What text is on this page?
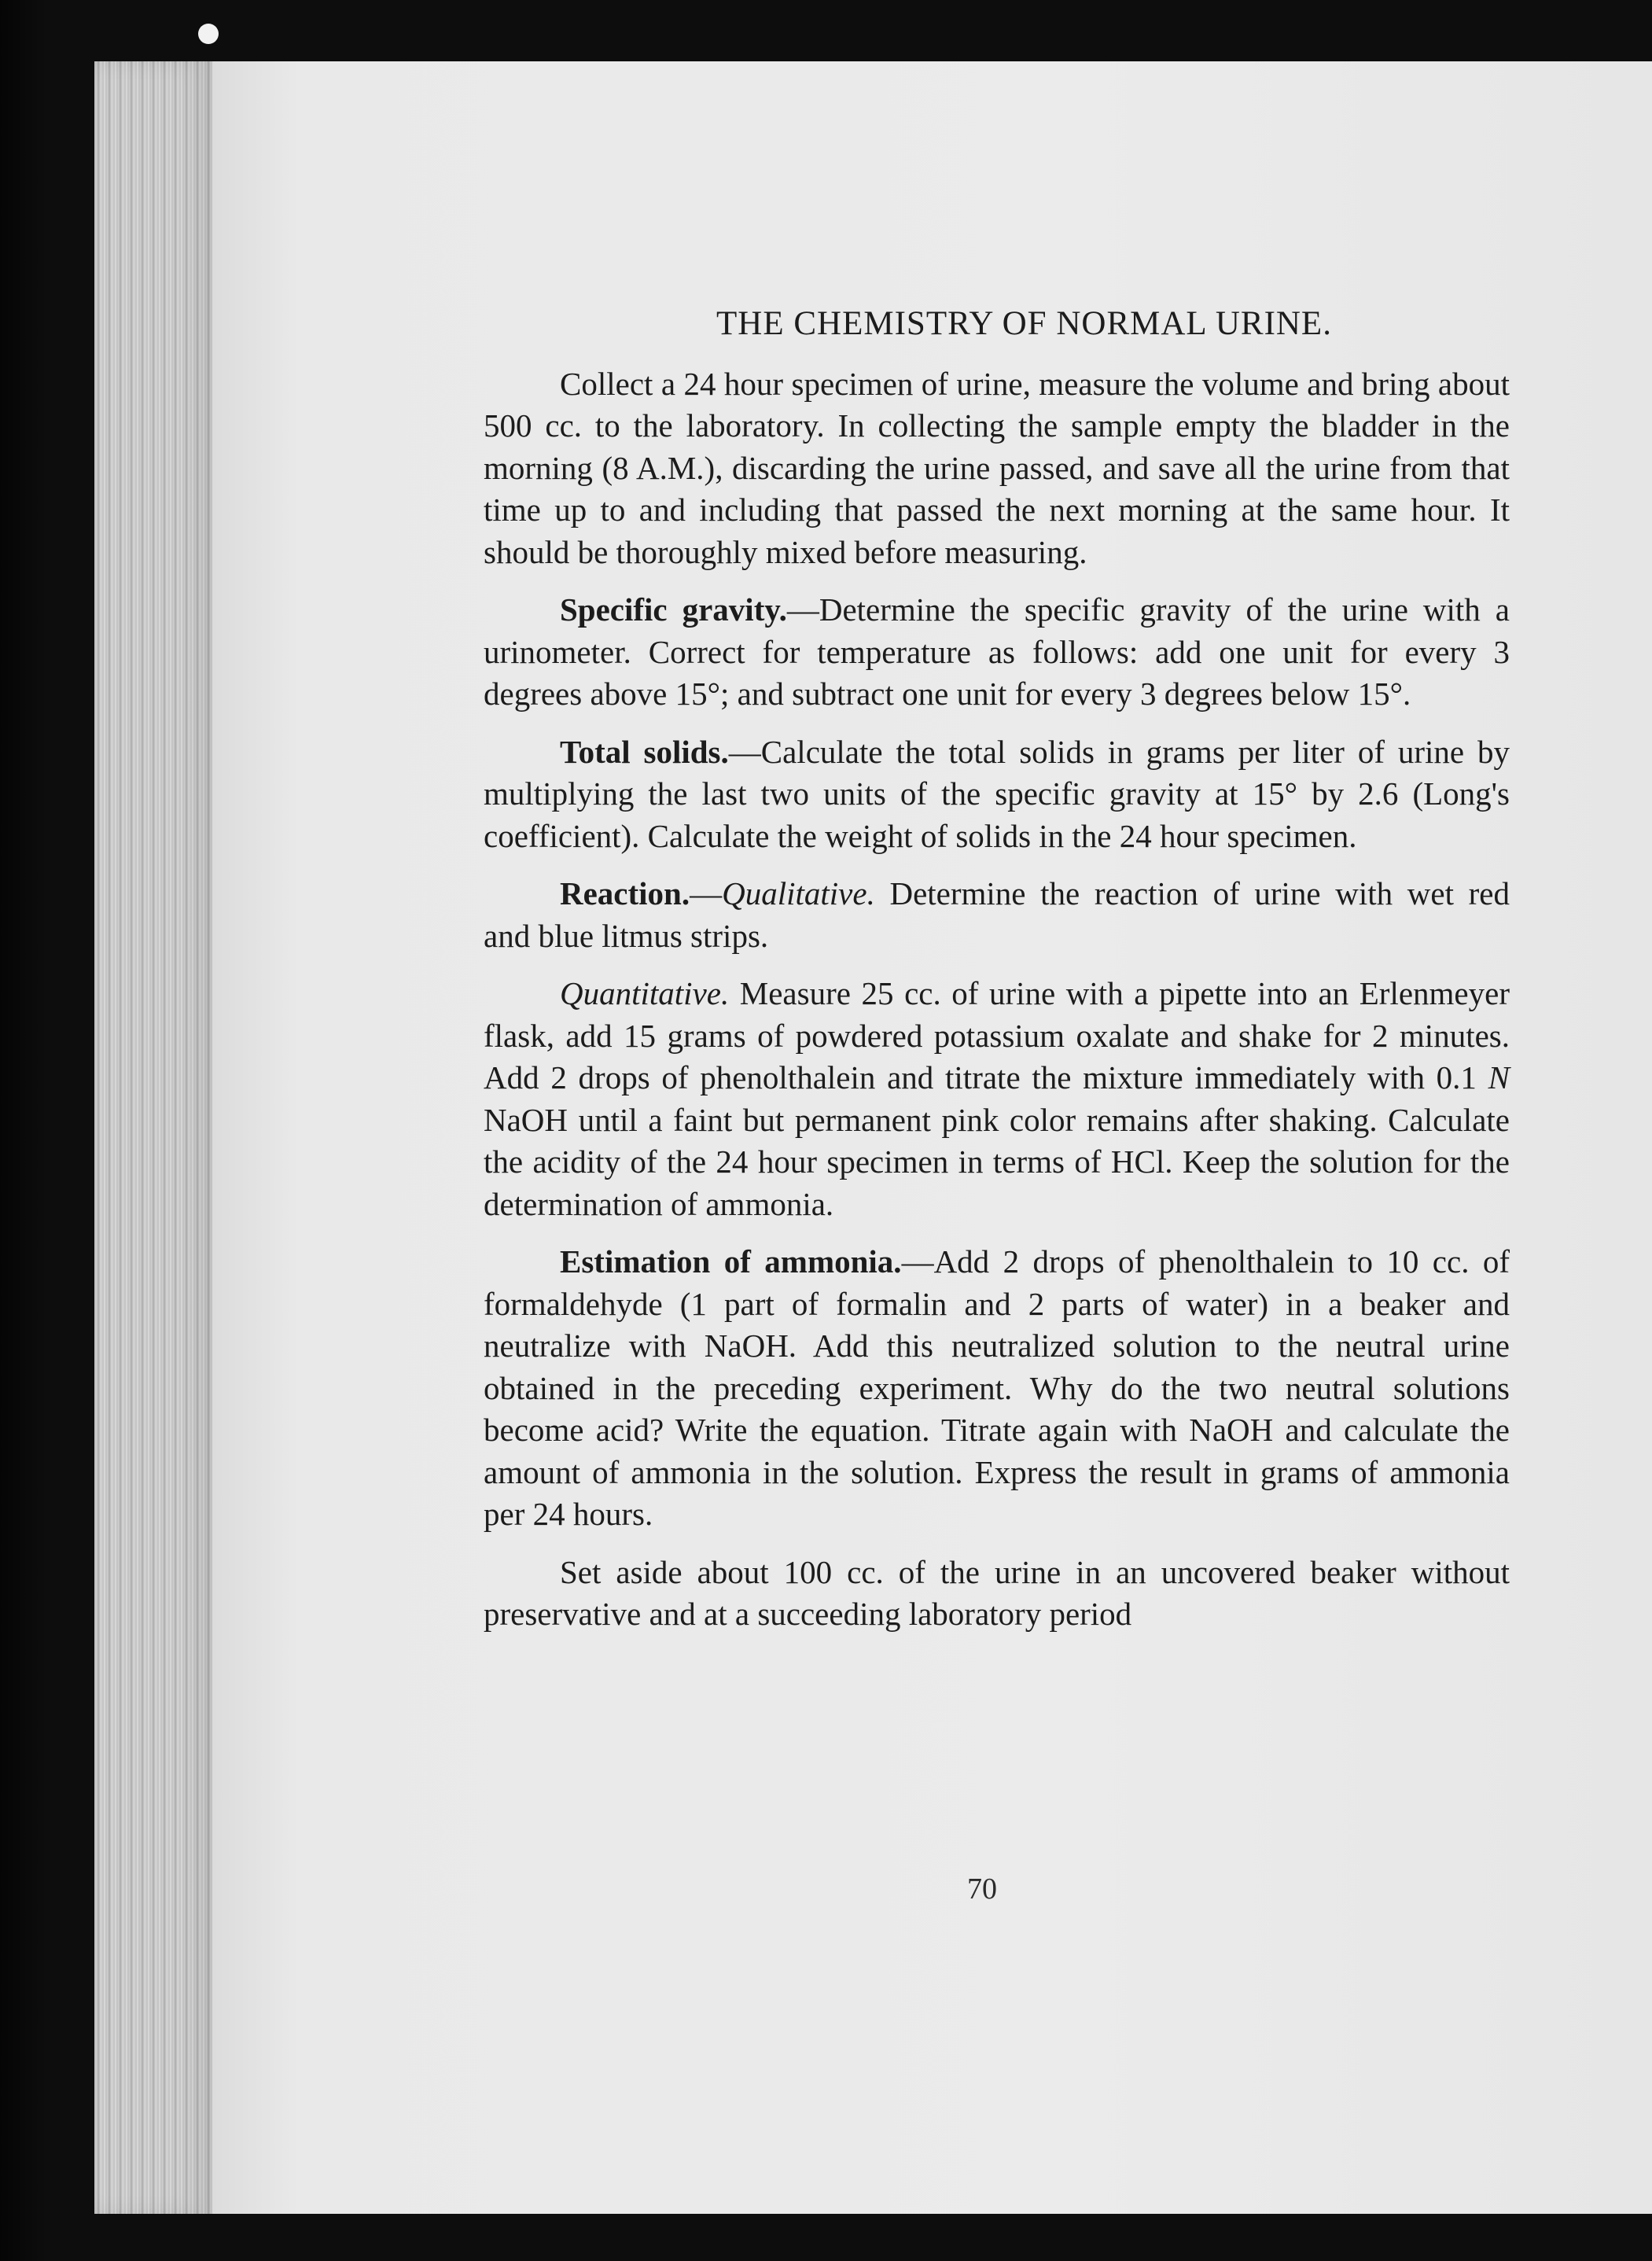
THE CHEMISTRY OF NORMAL URINE.

Collect a 24 hour specimen of urine, measure the volume and bring about 500 cc. to the laboratory. In collecting the sample empty the bladder in the morning (8 A.M.), discarding the urine passed, and save all the urine from that time up to and including that passed the next morning at the same hour. It should be thoroughly mixed before measuring.

Specific gravity.—Determine the specific gravity of the urine with a urinometer. Correct for temperature as follows: add one unit for every 3 degrees above 15°; and subtract one unit for every 3 degrees below 15°.

Total solids.—Calculate the total solids in grams per liter of urine by multiplying the last two units of the specific gravity at 15° by 2.6 (Long's coefficient). Calculate the weight of solids in the 24 hour specimen.

Reaction.—Qualitative. Determine the reaction of urine with wet red and blue litmus strips.

Quantitative. Measure 25 cc. of urine with a pipette into an Erlenmeyer flask, add 15 grams of powdered potassium oxalate and shake for 2 minutes. Add 2 drops of phenolthalein and titrate the mixture immediately with 0.1 N NaOH until a faint but permanent pink color remains after shaking. Calculate the acidity of the 24 hour specimen in terms of HCl. Keep the solution for the determination of ammonia.

Estimation of ammonia.—Add 2 drops of phenolthalein to 10 cc. of formaldehyde (1 part of formalin and 2 parts of water) in a beaker and neutralize with NaOH. Add this neutralized solution to the neutral urine obtained in the preceding experiment. Why do the two neutral solutions become acid? Write the equation. Titrate again with NaOH and calculate the amount of ammonia in the solution. Express the result in grams of ammonia per 24 hours.

Set aside about 100 cc. of the urine in an uncovered beaker without preservative and at a succeeding laboratory period

70
